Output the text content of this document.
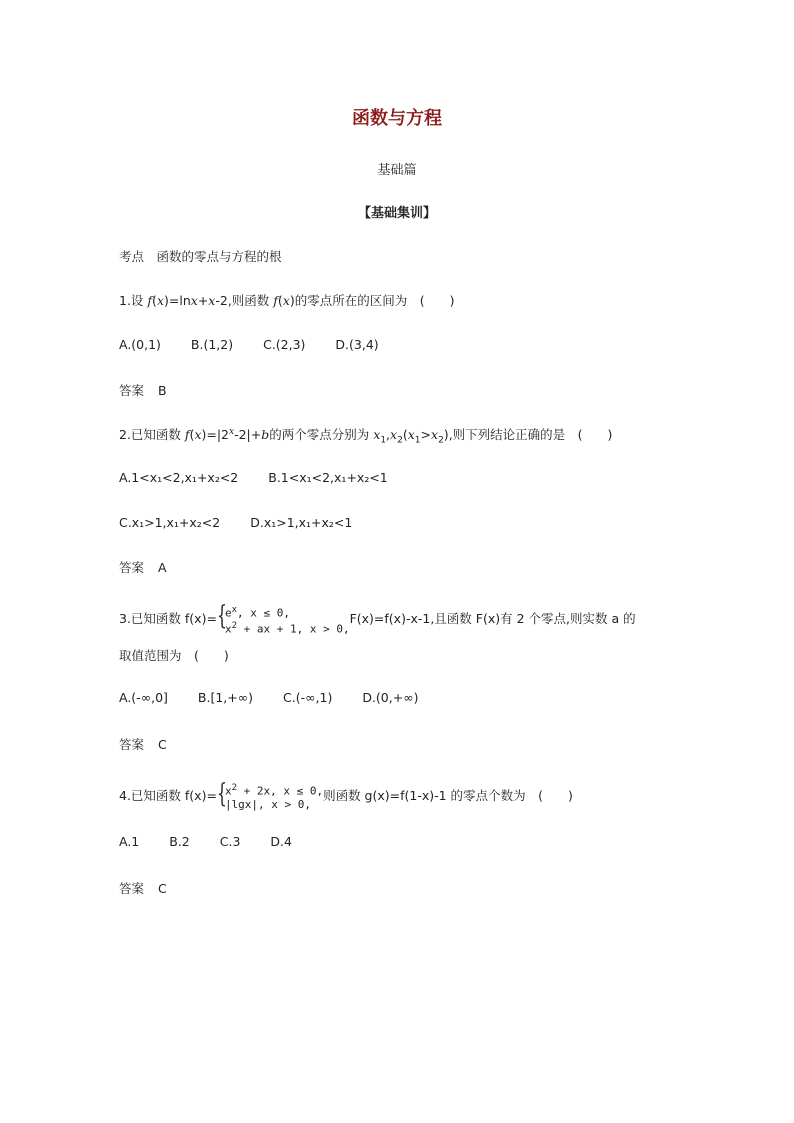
函数与方程
基础篇
【基础集训】
考点　函数的零点与方程的根
1.设 f(x)=lnx+x-2,则函数 f(x)的零点所在的区间为　(　　)
A.(0,1) B.(1,2) C.(2,3) D.(3,4)
答案 B
2.已知函数 $f(x)=|2^x-2|+b$的两个零点分别为 $x_1,x_2(x_1>x_2)$,则下列结论正确的是　(　　)
A.1<x₁<2,x₁+x₂<2 B.1<x₁<2,x₁+x₂<1
C.x₁>1,x₁+x₂<2 D.x₁>1,x₁+x₂<1
答案 A
3.已知函数 f(x)= {
$e^x$, x ≤ 0,
$x^2$ + ax + 1, x > 0,
F(x)=f(x)-x-1,且函数 F(x)有 2 个零点,则实数 a 的
取值范围为　(　　)
A.(-∞,0] B.[1,+∞) C.(-∞,1) D.(0,+∞)
答案 C
4.已知函数 f(x)= {
$x^2 + 2x$, x ≤ 0,
|lgx|, x > 0,
则函数 g(x)=f(1-x)-1 的零点个数为　(　　)
A.1 B.2 C.3 D.4
答案 C
